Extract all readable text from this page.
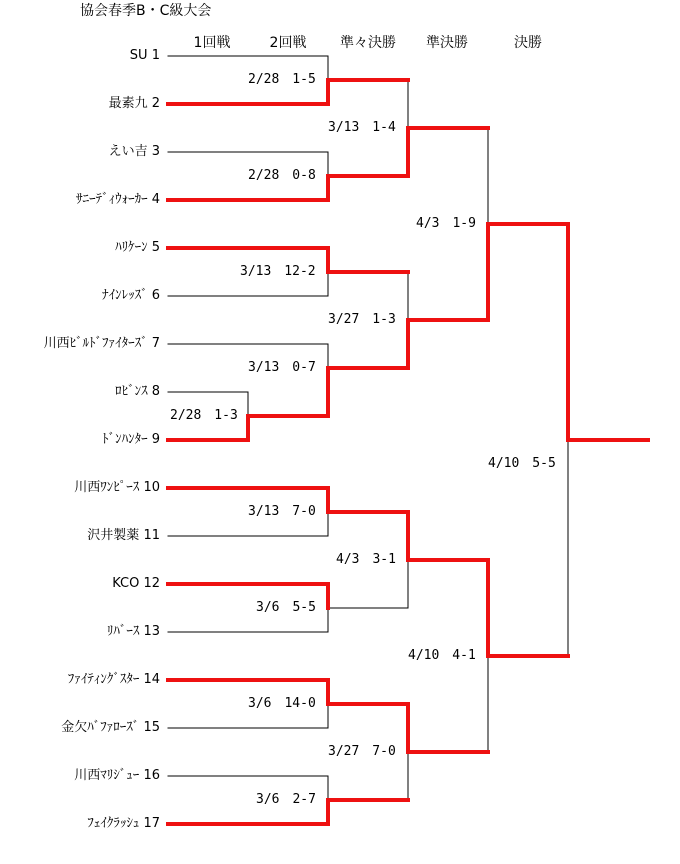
協会春季B・C級大会
1回戦	2回戦 準々決勝 準決勝	決勝
SU 1
最素九 2
えい吉 3
ｻﾆｰﾃﾞｨｳｫｰｶｰ 4
ﾊﾘｹｰﾝ 5
ﾅｲﾝﾚｯｽﾞ 6
川西ﾋﾞﾙﾄﾞﾌｧｲﾀｰｽﾞ 7
ﾛﾋﾞﾝｽ 8
ﾄﾞﾝﾊﾝﾀｰ 9
川西ﾜﾝﾋﾟｰｽ 10
沢井製薬 11
KCO 12
ﾘﾊﾞｰｽ 13
ﾌｧｲﾃｨﾝｸﾞｽﾀｰ 14
金欠ﾊﾞﾌｧﾛｰｽﾞ 15
川西ﾏﾘｼﾞｭｰ 16
ﾌｪｲｸﾗｯｼｭ 17
2/28　1-3
2/28　1-5
2/28　0-8
3/13　12-2
3/13　0-7
3/13　7-0
3/6　5-5
3/6　14-0
3/6　2-7
3/13　1-4
3/27　1-3
4/3　3-1
3/27　7-0
4/3　1-9
4/10　4-1
4/10　5-5
